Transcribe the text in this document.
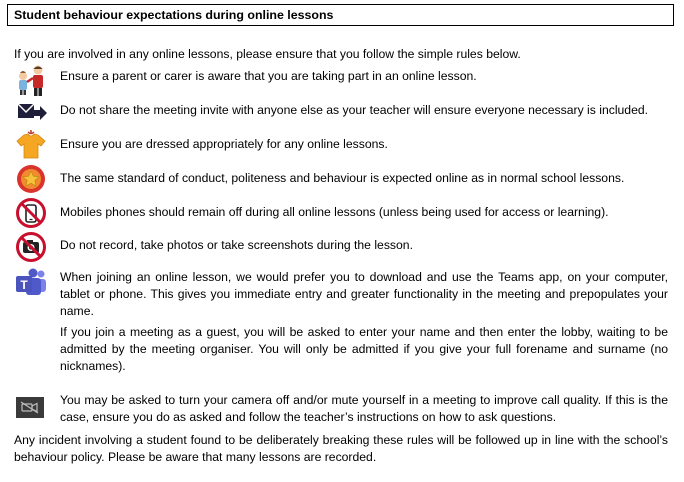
Student behaviour expectations during online lessons
If you are involved in any online lessons, please ensure that you follow the simple rules below.
Ensure a parent or carer is aware that you are taking part in an online lesson.
Do not share the meeting invite with anyone else as your teacher will ensure everyone necessary is included.
Ensure you are dressed appropriately for any online lessons.
The same standard of conduct, politeness and behaviour is expected online as in normal school lessons.
Mobiles phones should remain off during all online lessons (unless being used for access or learning).
Do not record, take photos or take screenshots during the lesson.
T
When joining an online lesson, we would prefer you to download and use the Teams app, on your computer, tablet or phone. This gives you immediate entry and greater functionality in the meeting and prepopulates your name.
If you join a meeting as a guest, you will be asked to enter your name and then enter the lobby, waiting to be admitted by the meeting organiser. You will only be admitted if you give your full forename and surname (no nicknames).
You may be asked to turn your camera off and/or mute yourself in a meeting to improve call quality. If this is the case, ensure you do as asked and follow the teacher’s instructions on how to ask questions.
Any incident involving a student found to be deliberately breaking these rules will be followed up in line with the school’s behaviour policy. Please be aware that many lessons are recorded.
